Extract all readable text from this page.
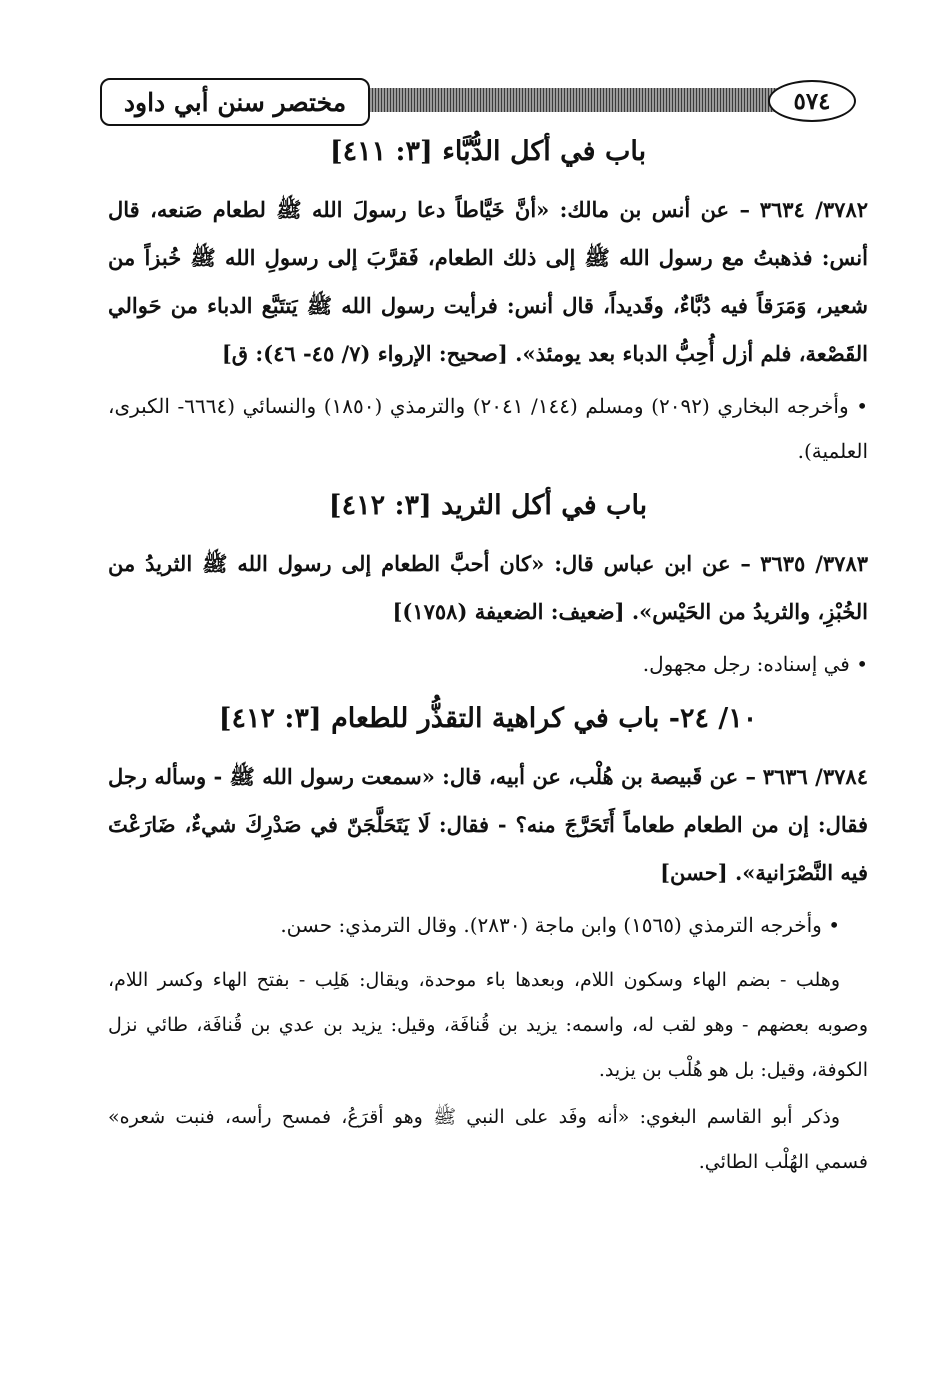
مختصر سنن أبي داود	٥٧٤
باب في أكل الدُّبَّاء [٣: ٤١١]

٣٧٨٢/ ٣٦٣٤ – عن أنس بن مالك: «أنَّ خَيَّاطاً دعا رسولَ الله ﷺ لطعام صَنعه، قال أنس: فذهبتُ مع رسول الله ﷺ إلى ذلك الطعام، فَقرَّبَ إلى رسولِ الله ﷺ خُبزاً من شعير، وَمَرَقاً فيه دُبَّاءٌ، وقَديداً، قال أنس: فرأيت رسول الله ﷺ يَتتَبَّع الدباء من حَوالي القَصْعة، فلم أزل أُحِبُّ الدباء بعد يومئذ». [صحيح: الإرواء (٧/ ٤٥- ٤٦): ق]

• وأخرجه البخاري (٢٠٩٢) ومسلم (١٤٤/ ٢٠٤١) والترمذي (١٨٥٠) والنسائي (٦٦٦٤- الكبرى، العلمية).

باب في أكل الثريد [٣: ٤١٢]

٣٧٨٣/ ٣٦٣٥ – عن ابن عباس قال: «كان أحبَّ الطعام إلى رسول الله ﷺ الثريدُ من الخُبْزِ، والثريدُ من الحَيْس». [ضعيف: الضعيفة (١٧٥٨)]

• في إسناده: رجل مجهول.

١٠/ ٢٤- باب في كراهية التقذُّر للطعام [٣: ٤١٢]

٣٧٨٤/ ٣٦٣٦ – عن قَبيصة بن هُلْب، عن أبيه، قال: «سمعت رسول الله ﷺ - وسأله رجل فقال: إن من الطعام طعاماً أَتَحَرَّجَ منه؟ - فقال: لَا يَتَحَلَّجَنّ في صَدْرِكَ شيءٌ، ضَارَعْتَ فيه النَّصْرَانية». [حسن]

• وأخرجه الترمذي (١٥٦٥) وابن ماجة (٢٨٣٠). وقال الترمذي: حسن.

وهلب - بضم الهاء وسكون اللام، وبعدها باء موحدة، ويقال: هَلِب - بفتح الهاء وكسر اللام، وصوبه بعضهم - وهو لقب له، واسمه: يزيد بن قُنافَة، وقيل: يزيد بن عدي بن قُنافَة، طائي نزل الكوفة، وقيل: بل هو هُلْب بن يزيد.

وذكر أبو القاسم البغوي: «أنه وفَد على النبي ﷺ وهو أقرَعُ، فمسح رأسه، فنبت شعره» فسمي الهُلْب الطائي.
